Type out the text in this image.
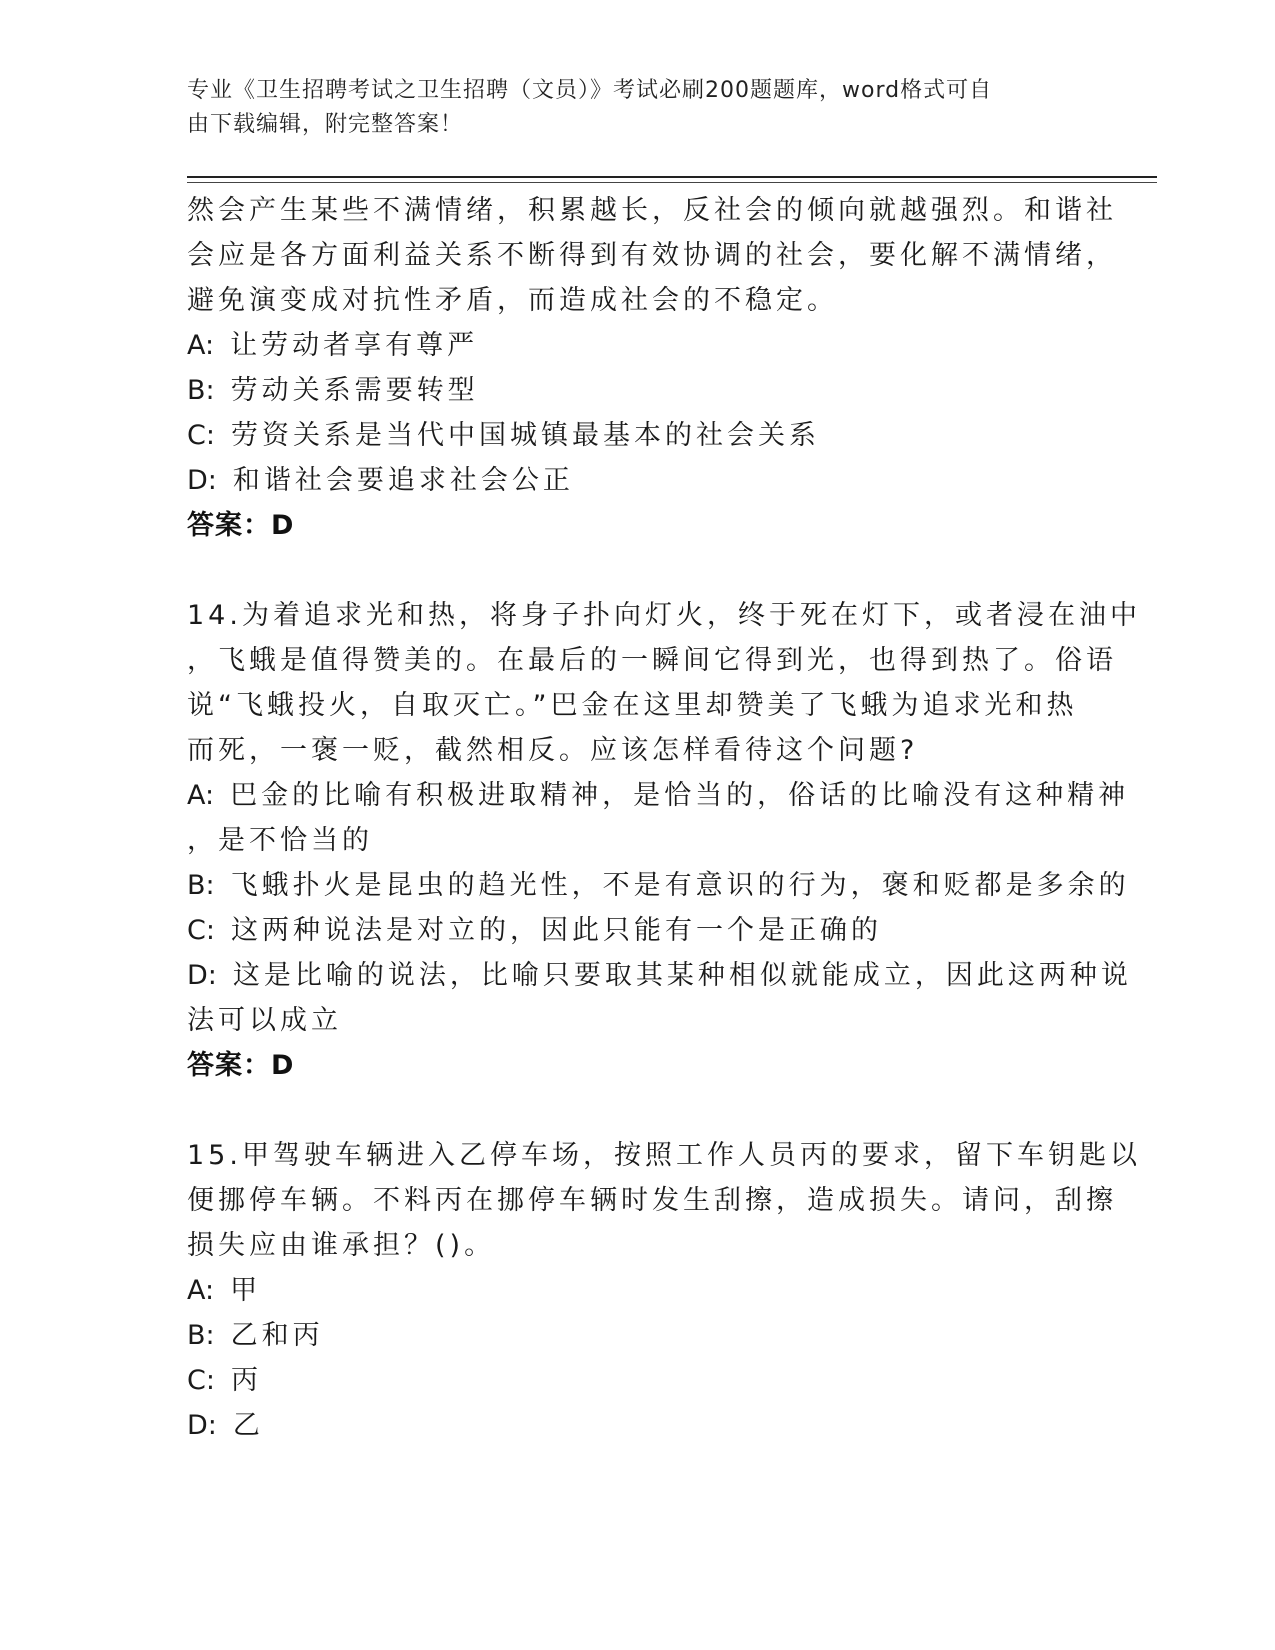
专业《卫生招聘考试之卫生招聘（文员）》考试必刷200题题库，word格式可自
由下载编辑，附完整答案！
然会产生某些不满情绪，积累越长，反社会的倾向就越强烈。和谐社
会应是各方面利益关系不断得到有效协调的社会，要化解不满情绪，
避免演变成对抗性矛盾，而造成社会的不稳定。
A: 让劳动者享有尊严
B: 劳动关系需要转型
C: 劳资关系是当代中国城镇最基本的社会关系
D: 和谐社会要追求社会公正
答案：D
14.为着追求光和热，将身子扑向灯火，终于死在灯下，或者浸在油中
，飞蛾是值得赞美的。在最后的一瞬间它得到光，也得到热了。俗语
说“飞蛾投火，自取灭亡。”巴金在这里却赞美了飞蛾为追求光和热
而死，一褒一贬，截然相反。应该怎样看待这个问题?
A: 巴金的比喻有积极进取精神，是恰当的，俗话的比喻没有这种精神
，是不恰当的
B: 飞蛾扑火是昆虫的趋光性，不是有意识的行为，褒和贬都是多余的
C: 这两种说法是对立的，因此只能有一个是正确的
D: 这是比喻的说法，比喻只要取其某种相似就能成立，因此这两种说
法可以成立
答案：D
15.甲驾驶车辆进入乙停车场，按照工作人员丙的要求，留下车钥匙以
便挪停车辆。不料丙在挪停车辆时发生刮擦，造成损失。请问，刮擦
损失应由谁承担？()。
A: 甲
B: 乙和丙
C: 丙
D: 乙
